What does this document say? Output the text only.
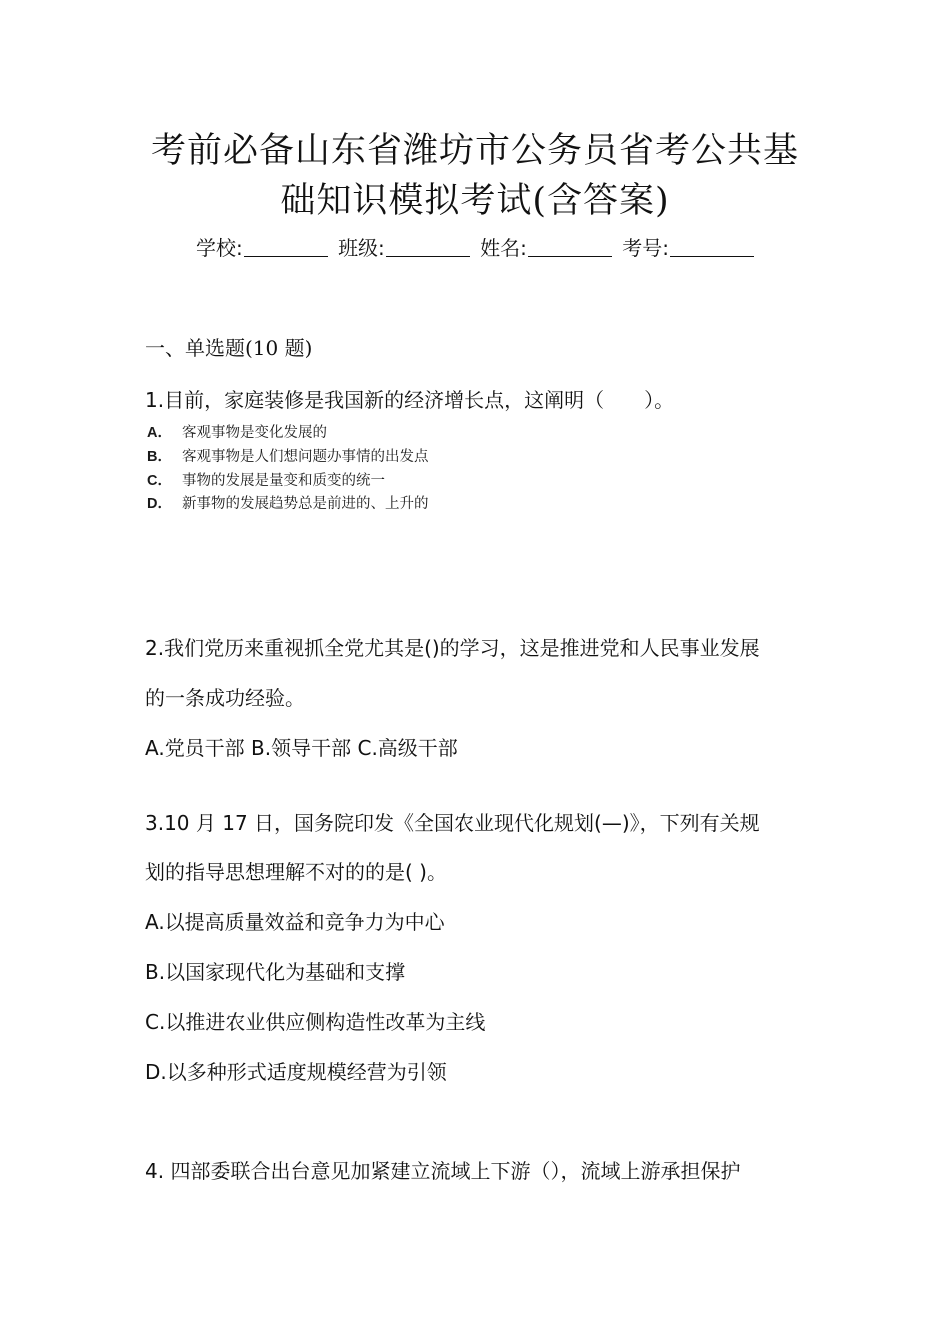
考前必备山东省潍坊市公务员省考公共基
础知识模拟考试(含答案)
学校:	班级:	姓名:	考号:
一、单选题(10 题)
1.目前，家庭装修是我国新的经济增长点，这阐明（　　）。
A． 客观事物是变化发展的
B． 客观事物是人们想问题办事情的出发点
C． 事物的发展是量变和质变的统一
D． 新事物的发展趋势总是前进的、上升的
2.我们党历来重视抓全党尤其是()的学习，这是推进党和人民事业发展
的一条成功经验。
A.党员干部 B.领导干部 C.高级干部
3.10 月 17 日，国务院印发《全国农业现代化规划(—)》，下列有关规
划的指导思想理解不对的的是( )。
A.以提高质量效益和竞争力为中心
B.以国家现代化为基础和支撑
C.以推进农业供应侧构造性改革为主线
D.以多种形式适度规模经营为引领
4. 四部委联合出台意见加紧建立流域上下游（），流域上游承担保护
